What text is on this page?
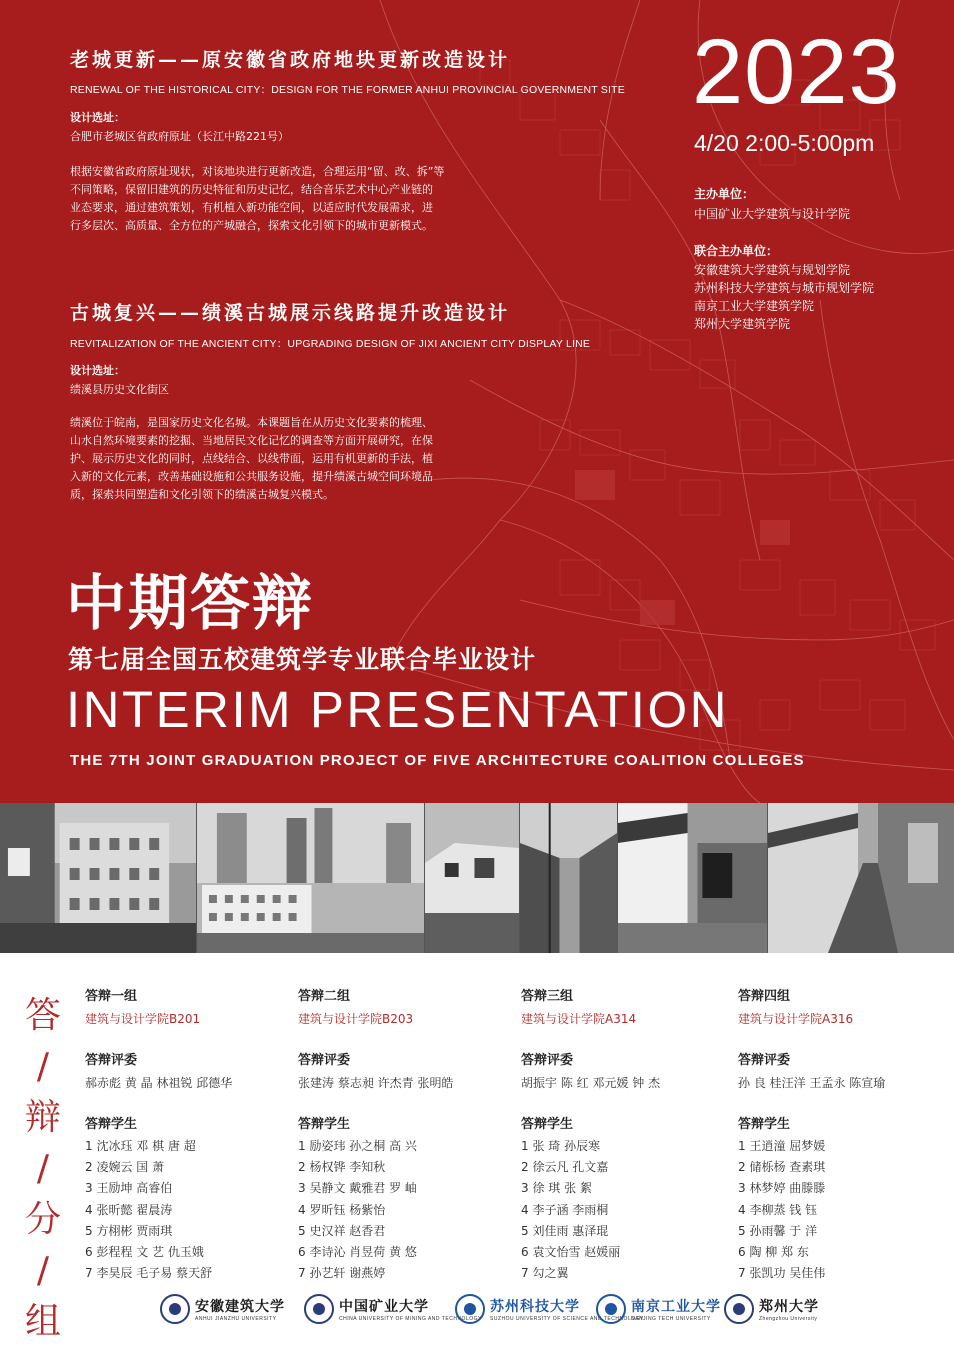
老城更新——原安徽省政府地块更新改造设计
RENEWAL OF THE HISTORICAL CITY：DESIGN FOR THE FORMER ANHUI PROVINCIAL GOVERNMENT SITE
设计选址：
合肥市老城区省政府原址（长江中路221号）
根据安徽省政府原址现状，对该地块进行更新改造，合理运用“留、改、拆”等
不同策略，保留旧建筑的历史特征和历史记忆，结合音乐艺术中心产业链的
业态要求，通过建筑策划，有机植入新功能空间，以适应时代发展需求，进
行多层次、高质量、全方位的产城融合，探索文化引领下的城市更新模式。
古城复兴——绩溪古城展示线路提升改造设计
REVITALIZATION OF THE ANCIENT CITY：UPGRADING DESIGN OF JIXI ANCIENT CITY DISPLAY LINE
设计选址：
绩溪县历史文化街区
绩溪位于皖南，是国家历史文化名城。本课题旨在从历史文化要素的梳理、
山水自然环境要素的挖掘、当地居民文化记忆的调查等方面开展研究，在保
护、展示历史文化的同时，点线结合、以线带面，运用有机更新的手法，植
入新的文化元素，改善基础设施和公共服务设施，提升绩溪古城空间环境品
质，探索共同塑造和文化引领下的绩溪古城复兴模式。
2023
4/20 2:00-5:00pm
主办单位：
中国矿业大学建筑与设计学院
联合主办单位：
安徽建筑大学建筑与规划学院
苏州科技大学建筑与城市规划学院
南京工业大学建筑学院
郑州大学建筑学院
中期答辩
第七届全国五校建筑学专业联合毕业设计
INTERIM PRESENTATION
THE 7TH JOINT GRADUATION PROJECT OF FIVE ARCHITECTURE COALITION COLLEGES
答
/
辩
/
分
/
组
答辩一组
建筑与设计学院B201
答辩评委
郝赤彪 黄 晶 林祖锐 邱德华
答辩学生
1 沈冰珏 邓 棋 唐 超
2 凌婉云 国 萧
3 王励坤 高睿伯
4 张昕懿 翟晨涛
5 方栩彬 贾雨琪
6 彭程程 文 艺 仇玉娥
7 李昊辰 毛子易 蔡天舒
答辩二组
建筑与设计学院B203
答辩评委
张建涛 蔡志昶 许杰青 张明皓
答辩学生
1 励姿玮 孙之桐 高 兴
2 杨权铧 李知秋
3 吴静文 戴雅君 罗 岫
4 罗昕钰 杨紫怡
5 史汉祥 赵香君
6 李诗沁 肖昱荷 黄 悠
7 孙艺轩 谢燕婷
答辩三组
建筑与设计学院A314
答辩评委
胡振宇 陈 红 邓元媛 钟 杰
答辩学生
1 张 琦 孙辰寒
2 徐云凡 孔文嘉
3 徐 琪 张 絮
4 李子涵 李雨桐
5 刘佳雨 惠泽琨
6 袁文怡雪 赵媛丽
7 勾之翼
答辩四组
建筑与设计学院A316
答辩评委
孙 良 桂汪洋 王孟永 陈宣瑜
答辩学生
1 王逍潼 屈梦媛
2 储栎杨 查素琪
3 林梦婷 曲滕滕
4 李柳蒸 钱 钰
5 孙雨馨 于 洋
6 陶 柳 郑 东
7 张凯功 吴佳伟
安徽建筑大学
ANHUI JIANZHU UNIVERSITY
中国矿业大学
CHINA UNIVERSITY OF MINING AND TECHNOLOGY
苏州科技大学
SUZHOU UNIVERSITY OF SCIENCE AND TECHNOLOGY
南京工业大学
NANJING TECH UNIVERSITY
郑州大学
Zhengzhou University
